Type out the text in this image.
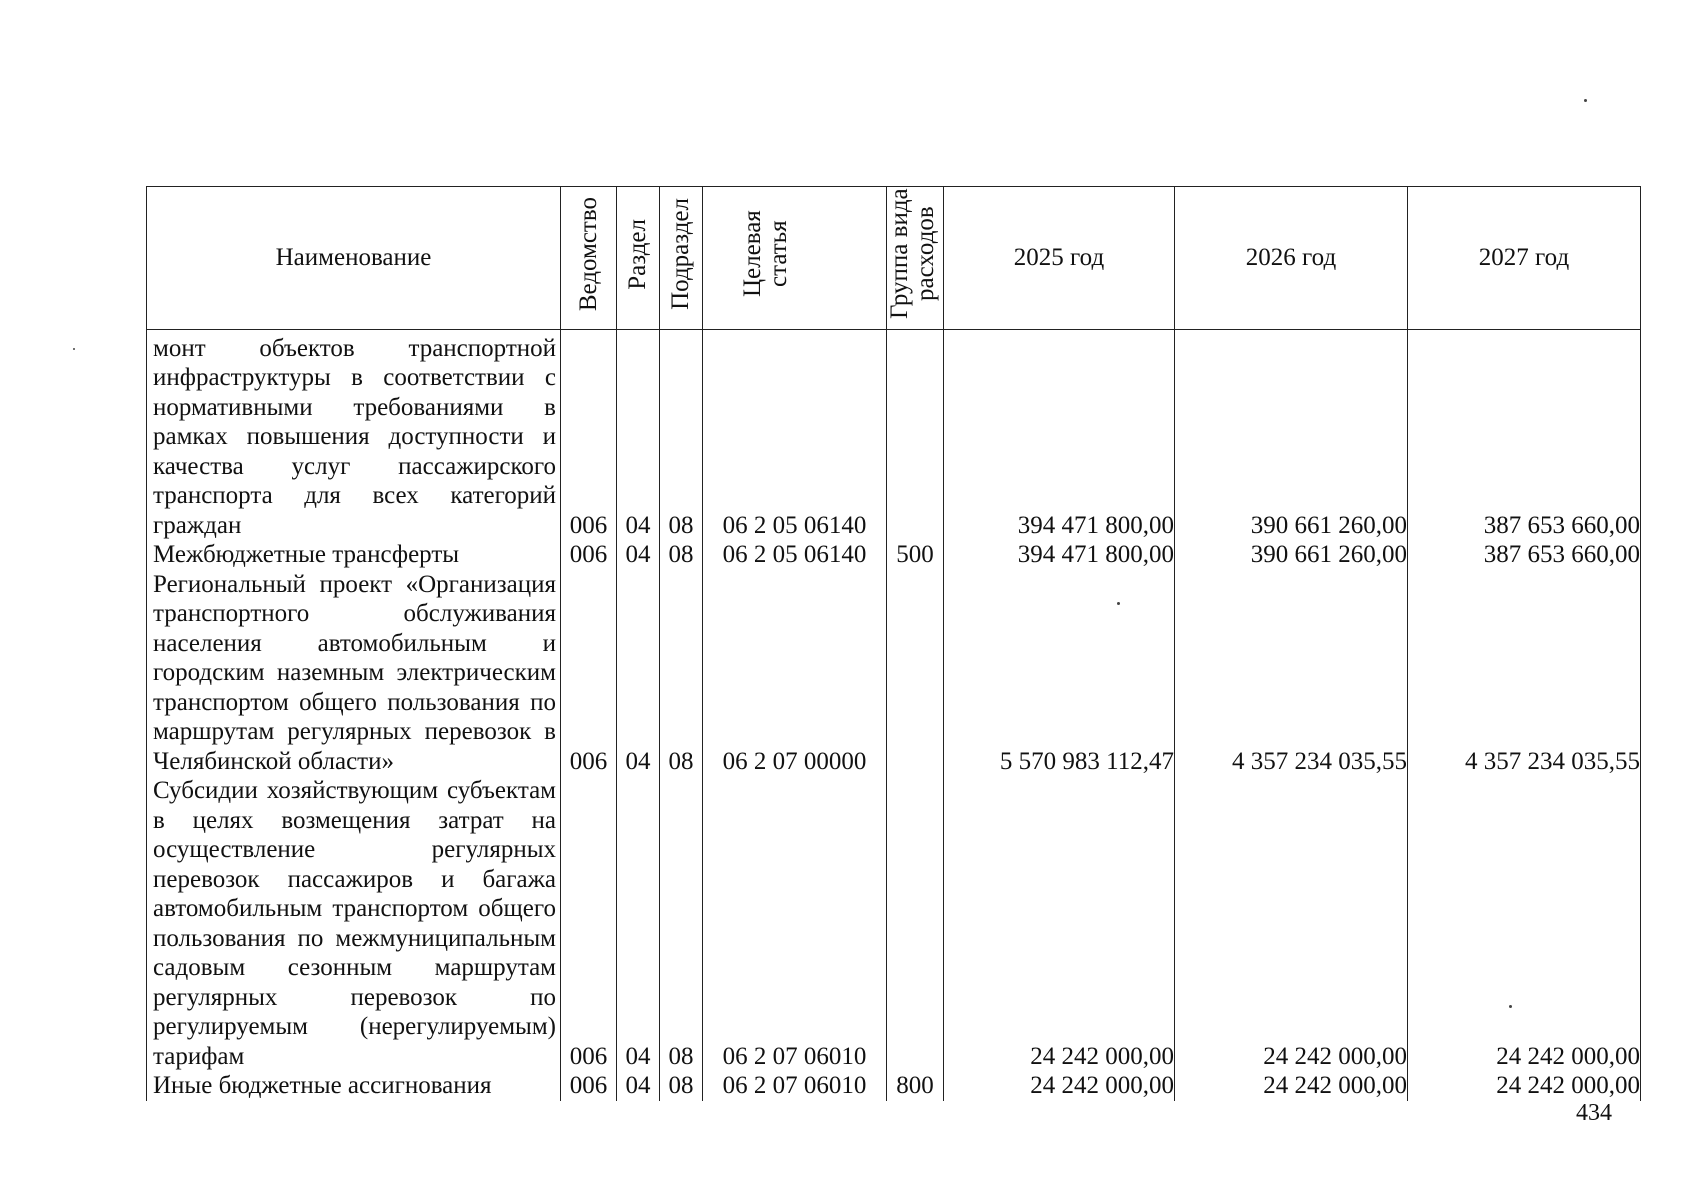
Наименование	Ведомство	Раздел	Подраздел	Целевая статья	Группа вида расходов	2025 год	2026 год	2027 год
монт объектов транспортной инфраструктуры в соответствии с нормативными требованиями в рамках повышения доступности и качества услуг пассажирского транспорта для всех категорий граждан	006	04	08	06 2 05 06140		394 471 800,00	390 661 260,00	387 653 660,00
Межбюджетные трансферты	006	04	08	06 2 05 06140	500	394 471 800,00	390 661 260,00	387 653 660,00
Региональный проект «Организация транспортного обслуживания населения автомобильным и городским наземным электрическим транспортом общего пользования по маршрутам регулярных перевозок в Челябинской области»	006	04	08	06 2 07 00000		5 570 983 112,47	4 357 234 035,55	4 357 234 035,55
Субсидии хозяйствующим субъектам в целях возмещения затрат на осуществление регулярных перевозок пассажиров и багажа автомобильным транспортом общего пользования по межмуниципальным садовым сезонным маршрутам регулярных перевозок по регулируемым (нерегулируемым) тарифам	006	04	08	06 2 07 06010		24 242 000,00	24 242 000,00	24 242 000,00
Иные бюджетные ассигнования	006	04	08	06 2 07 06010	800	24 242 000,00	24 242 000,00	24 242 000,00
434
